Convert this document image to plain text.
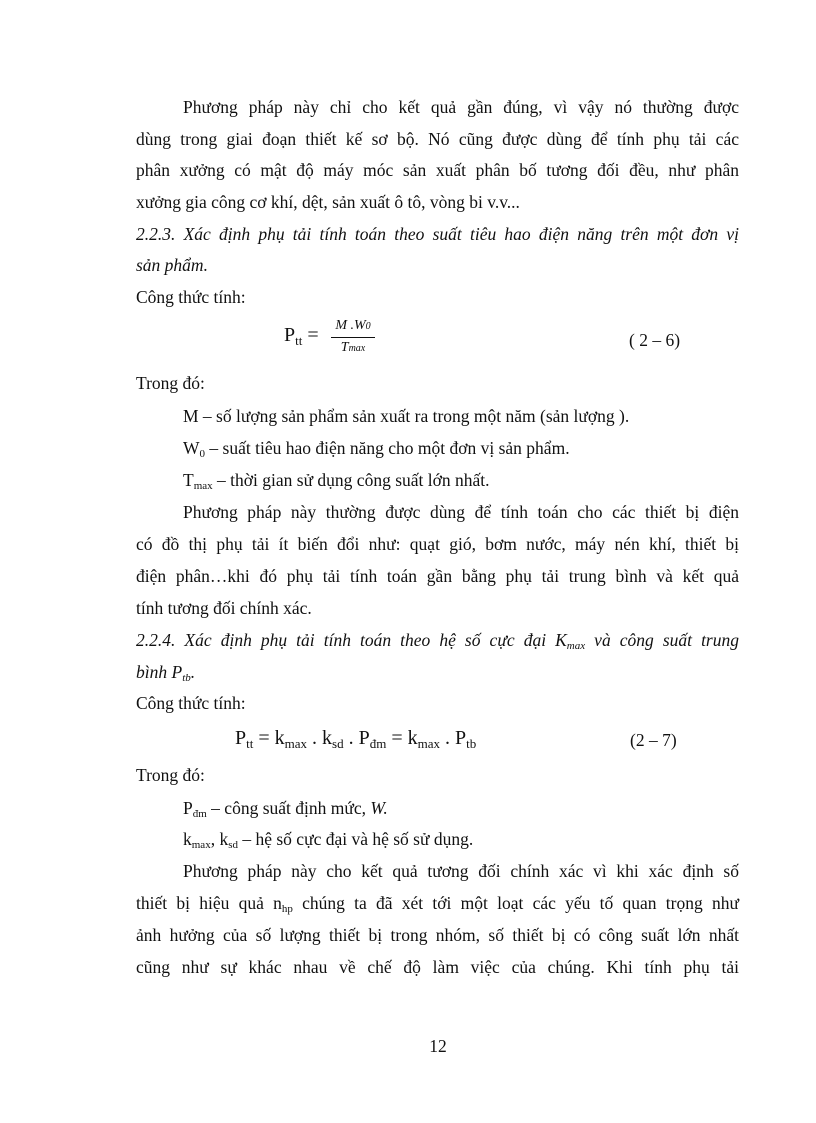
Phương pháp này chỉ cho kết quả gần đúng, vì vậy nó thường được
dùng trong giai đoạn thiết kế sơ bộ. Nó cũng được dùng để tính phụ tải các
phân xưởng có mật độ máy móc sản xuất phân bố tương đối đều, như phân
xưởng gia công cơ khí, dệt, sản xuất ô tô, vòng bi v.v...
2.2.3. Xác định phụ tải tính toán theo suất tiêu hao điện năng trên một đơn vị
sản phẩm.
Công thức tính:
$P_{tt}$ =	M .W0
Tmax	( 2 – 6)
Trong đó:
M – số lượng sản phẩm sản xuất ra trong một năm (sản lượng ).
$W_0$ – suất tiêu hao điện năng cho một đơn vị sản phẩm.
$T_{max}$ – thời gian sử dụng công suất lớn nhất.
Phương pháp này thường được dùng để tính toán cho các thiết bị điện
có đồ thị phụ tải ít biến đổi như: quạt gió, bơm nước, máy nén khí, thiết bị
điện phân…khi đó phụ tải tính toán gần bằng phụ tải trung bình và kết quả
tính tương đối chính xác.
2.2.4. Xác định phụ tải tính toán theo hệ số cực đại $K_{max}$ và công suất trung
bình $P_{tb}$.
Công thức tính:
$P_{tt} = k_{max}$ . $k_{sd}$ . $P_{đm} = k_{max}$ . $P_{tb}$	(2 – 7)
Trong đó:
$P_{đm}$ – công suất định mức, W.
$k_{max}$, $k_{sd}$ – hệ số cực đại và hệ số sử dụng.
Phương pháp này cho kết quả tương đối chính xác vì khi xác định số
thiết bị hiệu quả $n_{hp}$ chúng ta đã xét tới một loạt các yếu tố quan trọng như
ảnh hưởng của số lượng thiết bị trong nhóm, số thiết bị có công suất lớn nhất
cũng như sự khác nhau về chế độ làm việc của chúng. Khi tính phụ tải
12
